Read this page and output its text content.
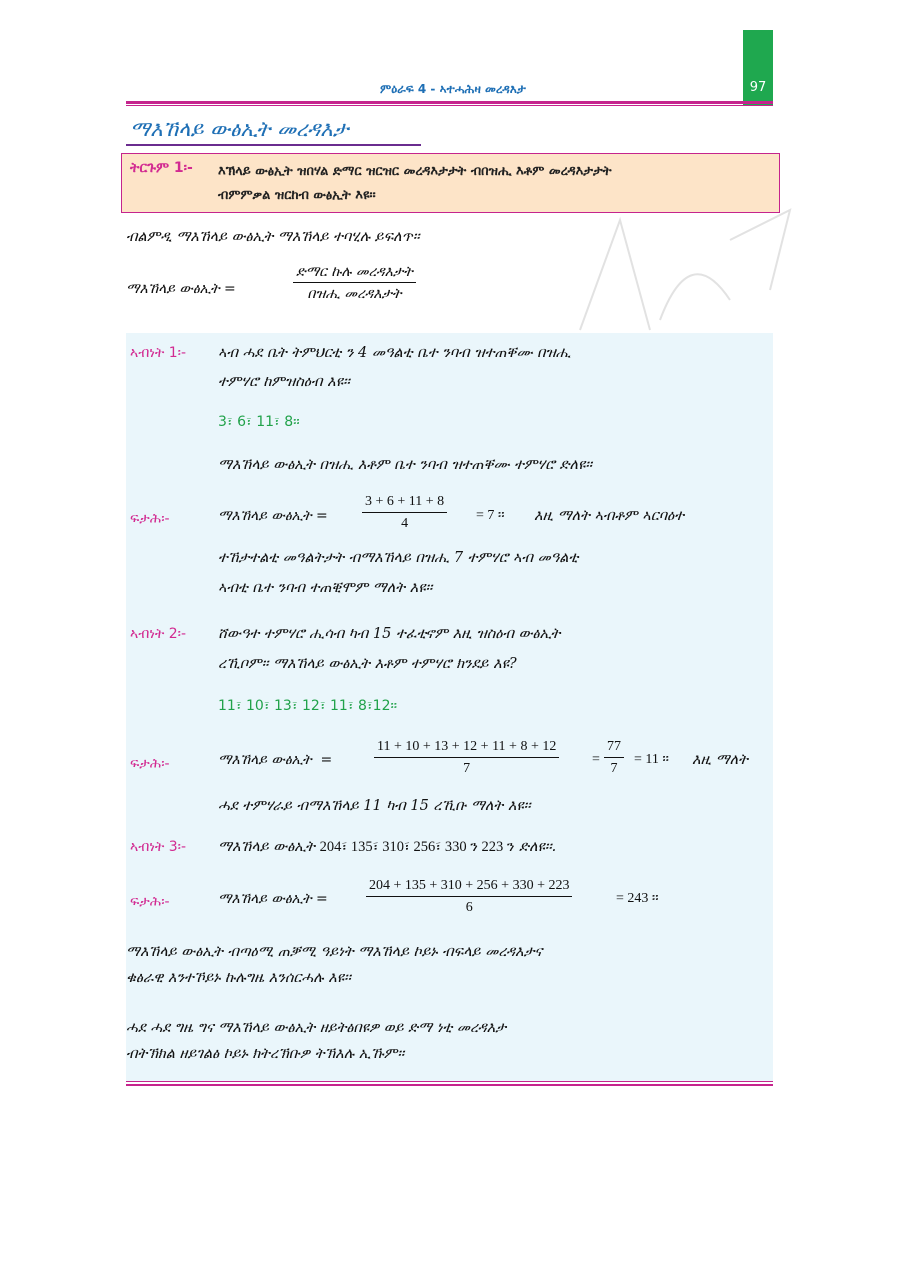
97
ምዕራፍ 4 - ኣተሓሕዛ መረዳእታ
ማእኸላይ ውፅኢት መረዳእታ
ትርጉም 1፡- እኽላይ ውፅኢት ዝበሃል ድማር ዝርዝር መረዳእታታት ብበዝሒ እቶም መረዳእታታት
ብምምቃል ዝርከብ ውፅኢት እዩ፡፡
ብልምዲ ማእኸላይ ውፅኢት ማእኸላይ ተባሂሉ ይፍለጥ፡፡
ማእኸላይ ውፅኢት =
ድማር ኩሉ መረዳእታት
በዝሒ መረዳእታት
ኣብነት 1፡- ኣብ ሓደ ቤት ትምህርቲ ን 4 መዓልቲ ቤተ ንባብ ዝተጠቐሙ በዝሒ
ተምሃሮ ከምዝስዕብ እዩ፡፡
3፣ 6፣ 11፣ 8፡፡
ማእኸላይ ውፅኢት በዝሒ እቶም ቤተ ንባብ ዝተጠቐሙ ተምሃሮ ድለዩ፡፡
ፍታሕ፡-	ማእኸላይ ውፅኢት = $\frac{3 + 6 + 11 + 8}{4} = 7$ ፡፡ እዚ ማለት ኣብቶም ኣርባዕተ
ተኸታተልቲ መዓልትታት ብማእኸላይ በዝሒ 7 ተምሃሮ ኣብ መዓልቲ
ኣብቲ ቤተ ንባብ ተጠቒሞም ማለት እዩ፡፡
ኣብነት 2፡- ሸውዓተ ተምሃሮ ሒሳብ ካብ 15 ተፈቲኖም እዚ ዝስዕብ ውፅኢት
ረኺቦም፡፡ ማእኸላይ ውፅኢት እቶም ተምሃሮ ክንደይ እዩ?
11፣ 10፣ 13፣ 12፣ 11፣ 8፣12፡፡
ፍታሕ፡-	ማእኸላይ ውፅኢት  =	$\frac{11 + 10 + 13 + 12 + 11 + 8 + 12}{7} = \frac{77}{7} = 11$ ፡፡ እዚ ማለት
ሓደ ተምሃራይ ብማእኸላይ 11 ካብ 15 ረኺቡ ማለት እዩ፡፡
ኣብነት 3፡- ማእኸላይ ውፅኢት 204፣ 135፣ 310፣ 256፣ 330 ን 223 ን ድለዩ፡፡.
ፍታሕ፡-	ማእኸላይ ውፅኢት =	$\frac{204 + 135 + 310 + 256 + 330 + 223}{6}$	= 243 ፡፡
ማእኸላይ ውፅኢት ብጣዕሚ ጠቓሚ ዓይነት ማእኸላይ ኮይኑ ብፍላይ መረዳእታና
ቁፅራዊ እንተኾይኑ ኩሉግዜ እንሰርሓሉ እዩ፡፡
ሓደ ሓደ ግዜ ግና ማእኸላይ ውፅኢት ዘይትፅበዩዎ ወይ ድማ ነቲ መረዳእታ
ብትኽክል ዘይገልፅ ኮይኑ ክትረኽቡዎ ትኽእሉ ኢኹም፡፡
